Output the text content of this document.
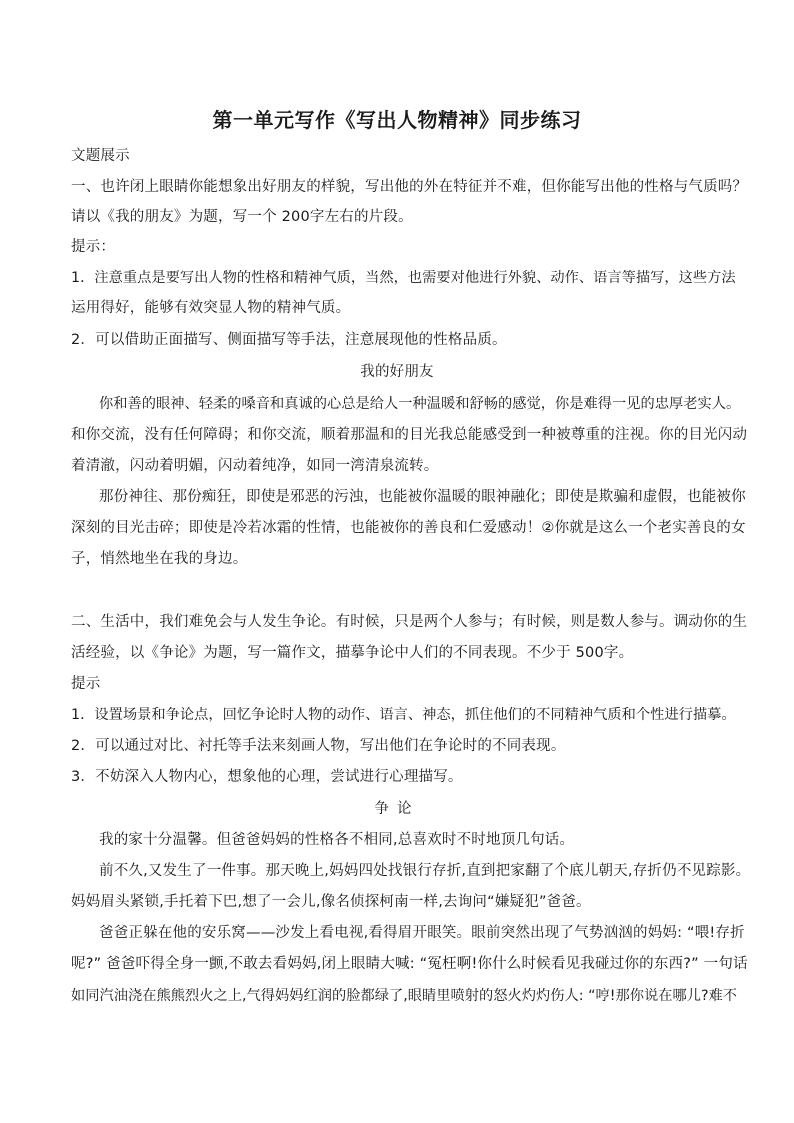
第一单元写作《写出人物精神》同步练习
文题展示
一、也许闭上眼睛你能想象出好朋友的样貌，写出他的外在特征并不难，但你能写出他的性格与气质吗？
请以《我的朋友》为题，写一个 200字左右的片段。
提示：
1．注意重点是要写出人物的性格和精神气质，当然，也需要对他进行外貌、动作、语言等描写，这些方法
运用得好，能够有效突显人物的精神气质。
2．可以借助正面描写、侧面描写等手法，注意展现他的性格品质。
我的好朋友
你和善的眼神、轻柔的嗓音和真诚的心总是给人一种温暖和舒畅的感觉，你是难得一见的忠厚老实人。
和你交流，没有任何障碍；和你交流，顺着那温和的目光我总能感受到一种被尊重的注视。你的目光闪动
着清澈，闪动着明媚，闪动着纯净，如同一湾清泉流转。
那份神往、那份痴狂，即使是邪恶的污浊，也能被你温暖的眼神融化；即使是欺骗和虚假，也能被你
深刻的目光击碎；即使是冷若冰霜的性情，也能被你的善良和仁爱感动！②你就是这么一个老实善良的女
子，悄然地坐在我的身边。
二、生活中，我们难免会与人发生争论。有时候，只是两个人参与；有时候，则是数人参与。调动你的生
活经验，以《争论》为题，写一篇作文，描摹争论中人们的不同表现。不少于 500字。
提示
1．设置场景和争论点，回忆争论时人物的动作、语言、神态，抓住他们的不同精神气质和个性进行描摹。
2．可以通过对比、衬托等手法来刻画人物，写出他们在争论时的不同表现。
3．不妨深入人物内心，想象他的心理，尝试进行心理描写。
争论
我的家十分温馨。但爸爸妈妈的性格各不相同,总喜欢时不时地顶几句话。
前不久,又发生了一件事。那天晚上,妈妈四处找银行存折,直到把家翻了个底儿朝天,存折仍不见踪影。
妈妈眉头紧锁,手托着下巴,想了一会儿,像名侦探柯南一样,去询问“嫌疑犯”爸爸。
爸爸正躲在他的安乐窝——沙发上看电视,看得眉开眼笑。眼前突然出现了气势汹汹的妈妈: “喂!存折
呢?” 爸爸吓得全身一颤,不敢去看妈妈,闭上眼睛大喊: “冤枉啊!你什么时候看见我碰过你的东西?” 一句话
如同汽油浇在熊熊烈火之上,气得妈妈红润的脸都绿了,眼睛里喷射的怒火灼灼伤人: “哼!那你说在哪儿?难不
